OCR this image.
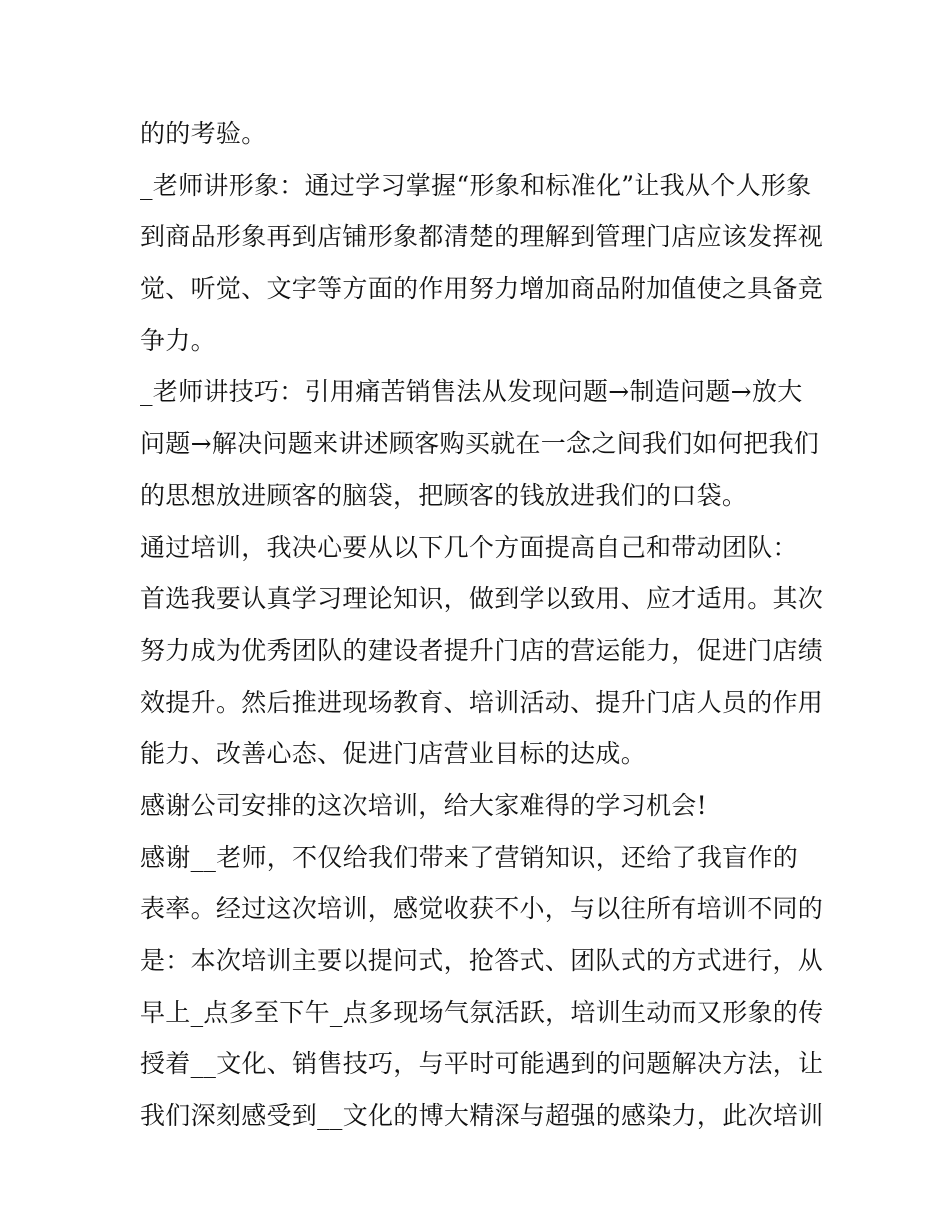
的的考验。
_老师讲形象：通过学习掌握“形象和标准化”让我从个人形象
到商品形象再到店铺形象都清楚的理解到管理门店应该发挥视
觉、听觉、文字等方面的作用努力增加商品附加值使之具备竞
争力。
_老师讲技巧：引用痛苦销售法从发现问题→制造问题→放大
问题→解决问题来讲述顾客购买就在一念之间我们如何把我们
的思想放进顾客的脑袋，把顾客的钱放进我们的口袋。
通过培训，我决心要从以下几个方面提高自己和带动团队：
首选我要认真学习理论知识，做到学以致用、应才适用。其次
努力成为优秀团队的建设者提升门店的营运能力，促进门店绩
效提升。然后推进现场教育、培训活动、提升门店人员的作用
能力、改善心态、促进门店营业目标的达成。
感谢公司安排的这次培训，给大家难得的学习机会!
感谢__老师，不仅给我们带来了营销知识，还给了我盲作的
表率。经过这次培训，感觉收获不小，与以往所有培训不同的
是：本次培训主要以提问式，抢答式、团队式的方式进行，从
早上_点多至下午_点多现场气氛活跃，培训生动而又形象的传
授着__文化、销售技巧，与平时可能遇到的问题解决方法，让
我们深刻感受到__文化的博大精深与超强的感染力，此次培训
